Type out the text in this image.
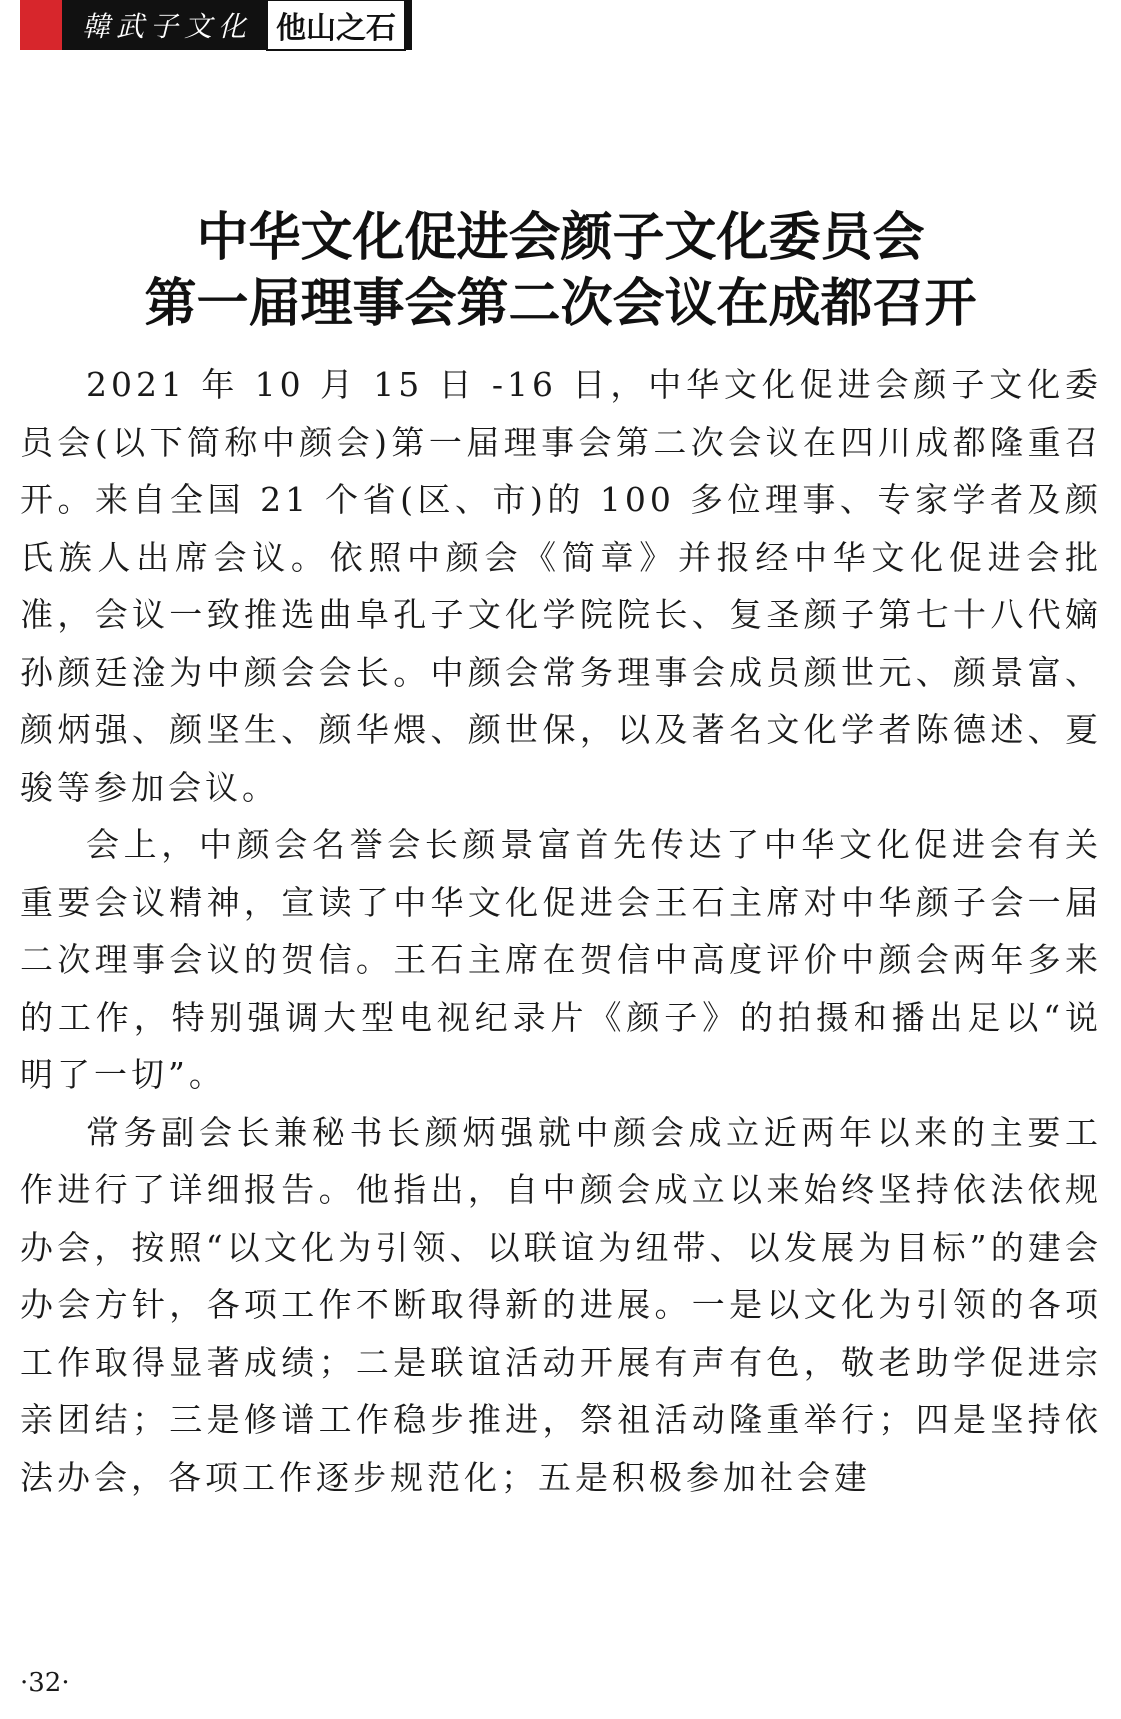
韓武子文化 他山之石
中华文化促进会颜子文化委员会
第一届理事会第二次会议在成都召开

2021 年 10 月 15 日 -16 日，中华文化促进会颜子文化委员会(以下简称中颜会)第一届理事会第二次会议在四川成都隆重召开。来自全国 21 个省(区、市)的 100 多位理事、专家学者及颜氏族人出席会议。依照中颜会《简章》并报经中华文化促进会批准，会议一致推选曲阜孔子文化学院院长、复圣颜子第七十八代嫡孙颜廷淦为中颜会会长。中颜会常务理事会成员颜世元、颜景富、颜炳强、颜坚生、颜华煨、颜世保，以及著名文化学者陈德述、夏骏等参加会议。

会上，中颜会名誉会长颜景富首先传达了中华文化促进会有关重要会议精神，宣读了中华文化促进会王石主席对中华颜子会一届二次理事会议的贺信。王石主席在贺信中高度评价中颜会两年多来的工作，特别强调大型电视纪录片《颜子》的拍摄和播出足以“说明了一切”。

常务副会长兼秘书长颜炳强就中颜会成立近两年以来的主要工作进行了详细报告。他指出，自中颜会成立以来始终坚持依法依规办会，按照“以文化为引领、以联谊为纽带、以发展为目标”的建会办会方针，各项工作不断取得新的进展。一是以文化为引领的各项工作取得显著成绩；二是联谊活动开展有声有色，敬老助学促进宗亲团结；三是修谱工作稳步推进，祭祖活动隆重举行；四是坚持依法办会，各项工作逐步规范化；五是积极参加社会建

·32·
